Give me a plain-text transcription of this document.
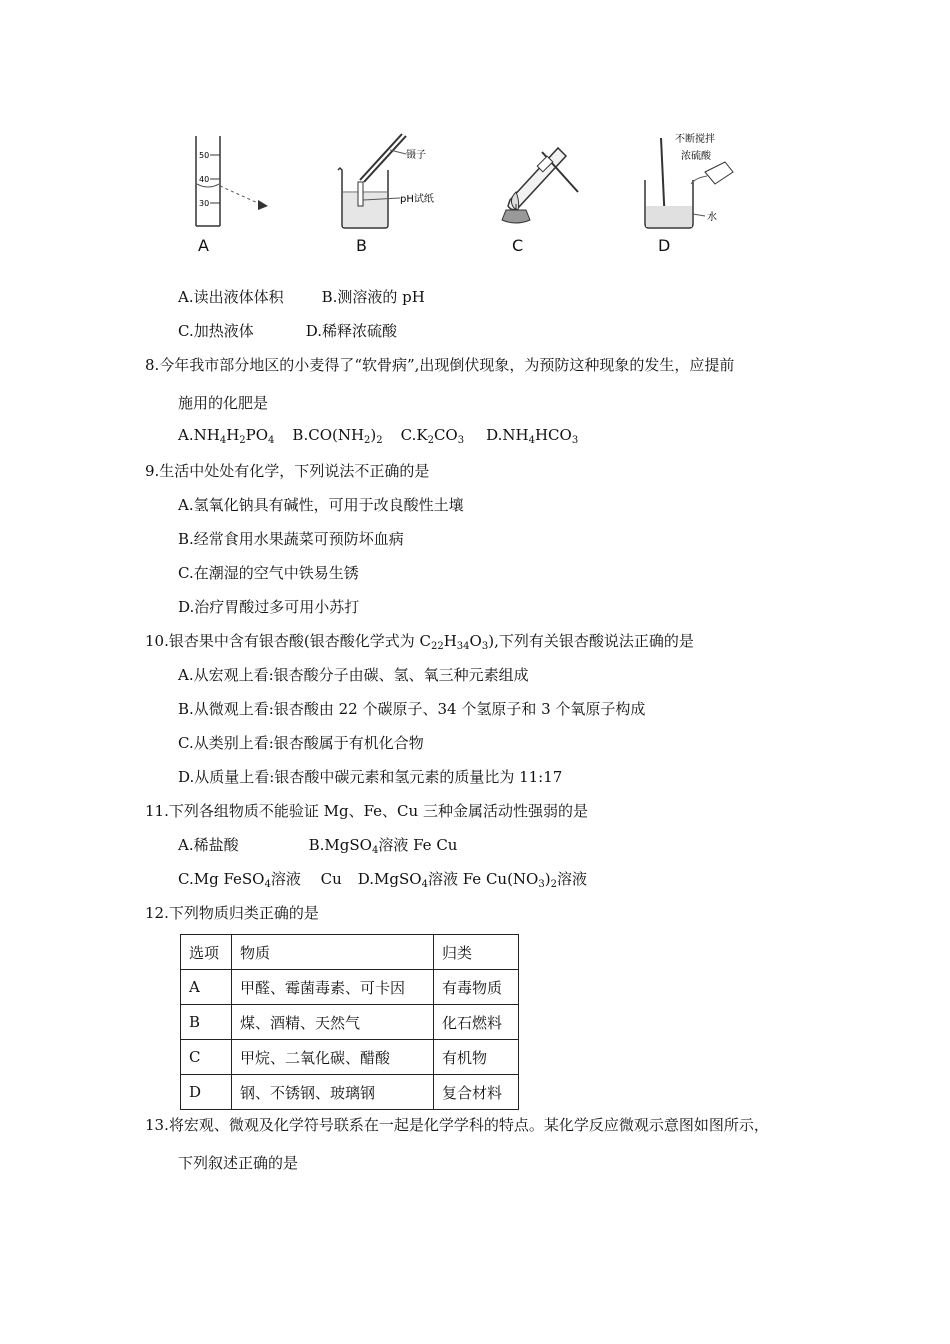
50
40
30
A
镊子
pH试纸
B	C
不断搅拌
浓硫酸
水
D
A.读出液体体积	B.测溶液的 pH
C.加热液体	D.稀释浓硫酸
8.今年我市部分地区的小麦得了“软骨病”,出现倒伏现象，为预防这种现象的发生，应提前
施用的化肥是
$A.NH_4H_2PO_4$ $B.CO(NH_2)_2$ $C.K_2CO_3$ $D.NH_4HCO_3$
9.生活中处处有化学，下列说法不正确的是
A.氢氧化钠具有碱性，可用于改良酸性土壤
B.经常食用水果蔬菜可预防坏血病
C.在潮湿的空气中铁易生锈
D.治疗胃酸过多可用小苏打
10.银杏果中含有银杏酸(银杏酸化学式为 $C_{22}H_{34}O_3$),下列有关银杏酸说法正确的是
A.从宏观上看:银杏酸分子由碳、氢、氧三种元素组成
B.从微观上看:银杏酸由 22 个碳原子、34 个氢原子和 3 个氧原子构成
C.从类别上看:银杏酸属于有机化合物
D.从质量上看:银杏酸中碳元素和氢元素的质量比为 11:17
11.下列各组物质不能验证 Mg、Fe、Cu 三种金属活动性强弱的是
A.稀盐酸	B.MgSO$_4$溶液 Fe Cu
C.Mg FeSO$_4$溶液　 Cu D.MgSO$_4$溶液 Fe $Cu(NO_3)_2$溶液
12.下列物质归类正确的是
选项	物质	归类
A	甲醛、霉菌毒素、可卡因	有毒物质
B	煤、酒精、天然气	化石燃料
C	甲烷、二氧化碳、醋酸	有机物
D	钢、不锈钢、玻璃钢	复合材料
13.将宏观、微观及化学符号联系在一起是化学学科的特点。某化学反应微观示意图如图所示，
下列叙述正确的是
